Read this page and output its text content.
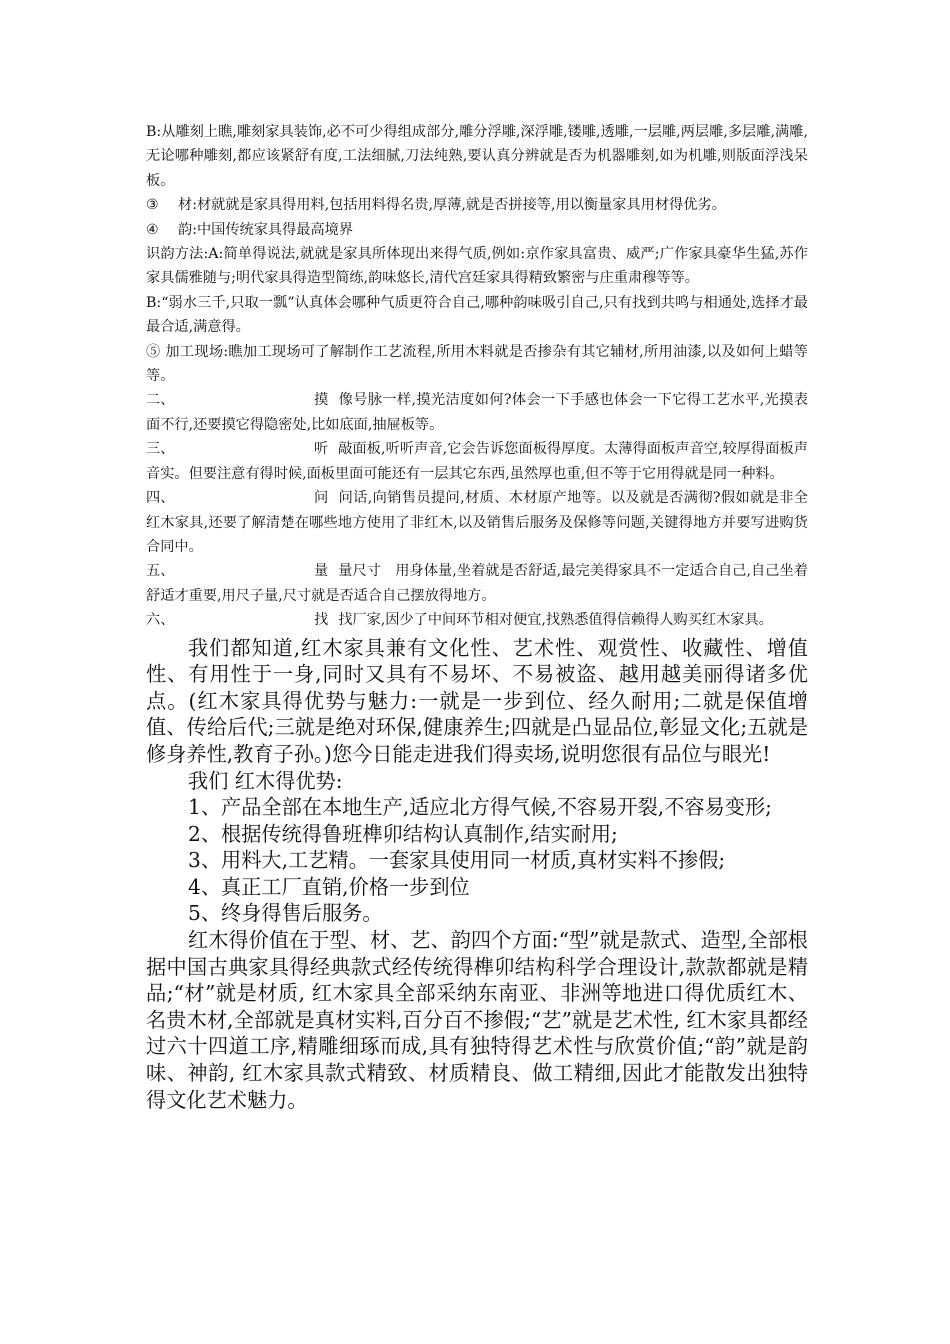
B:从雕刻上瞧,雕刻家具装饰,必不可少得组成部分,雕分浮雕,深浮雕,镂雕,透雕,一层雕,两层雕,多层雕,满雕,无论哪种雕刻,都应该紧舒有度,工法细腻,刀法纯熟,要认真分辨就是否为机器雕刻,如为机雕,则版面浮浅呆板。

③	材:材就就是家具得用料,包括用料得名贵,厚薄,就是否拼接等,用以衡量家具用材得优劣。
④	韵:中国传统家具得最高境界

识韵方法:A:简单得说法,就就是家具所体现出来得气质,例如:京作家具富贵、威严;广作家具豪华生猛,苏作家具儒雅随与;明代家具得造型简练,韵味悠长,清代宫廷家具得精致繁密与庄重肃穆等等。

B:“弱水三千,只取一瓢”认真体会哪种气质更符合自己,哪种韵味吸引自己,只有找到共鸣与相通处,选择才最最合适,满意得。

⑤ 加工现场:瞧加工现场可了解制作工艺流程,所用木料就是否掺杂有其它辅材,所用油漆,以及如何上蜡等等。

二、	摸 像号脉一样,摸光洁度如何?体会一下手感也体会一下它得工艺水平,光摸表面不行,还要摸它得隐密处,比如底面,抽屉板等。

三、	听 敲面板,听听声音,它会告诉您面板得厚度。太薄得面板声音空,较厚得面板声音实。但要注意有得时候,面板里面可能还有一层其它东西,虽然厚也重,但不等于它用得就是同一种料。

四、	问 问话,向销售员提问,材质、木材原产地等。以及就是否满彻?假如就是非全红木家具,还要了解清楚在哪些地方使用了非红木,以及销售后服务及保修等问题,关键得地方并要写进购货合同中。

五、	量 量尺寸　用身体量,坐着就是否舒适,最完美得家具不一定适合自己,自己坐着舒适才重要,用尺子量,尺寸就是否适合自己摆放得地方。

六、	找 找厂家,因少了中间环节相对便宜,找熟悉值得信赖得人购买红木家具。

我们都知道,红木家具兼有文化性、艺术性、观赏性、收藏性、增值性、有用性于一身,同时又具有不易坏、不易被盗、越用越美丽得诸多优点。(红木家具得优势与魅力:一就是一步到位、经久耐用;二就是保值增值、传给后代;三就是绝对环保,健康养生;四就是凸显品位,彰显文化;五就是修身养性,教育子孙。)您今日能走进我们得卖场,说明您很有品位与眼光!

我们 红木得优势:

1、产品全部在本地生产,适应北方得气候,不容易开裂,不容易变形;

2、根据传统得鲁班榫卯结构认真制作,结实耐用;

3、用料大,工艺精。一套家具使用同一材质,真材实料不掺假;

4、真正工厂直销,价格一步到位

5、终身得售后服务。

红木得价值在于型、材、艺、韵四个方面:“型”就是款式、造型,全部根据中国古典家具得经典款式经传统得榫卯结构科学合理设计,款款都就是精品;“材”就是材质, 红木家具全部采纳东南亚、非洲等地进口得优质红木、名贵木材,全部就是真材实料,百分百不掺假;“艺”就是艺术性, 红木家具都经过六十四道工序,精雕细琢而成,具有独特得艺术性与欣赏价值;“韵”就是韵味、神韵, 红木家具款式精致、材质精良、做工精细,因此才能散发出独特得文化艺术魅力。
